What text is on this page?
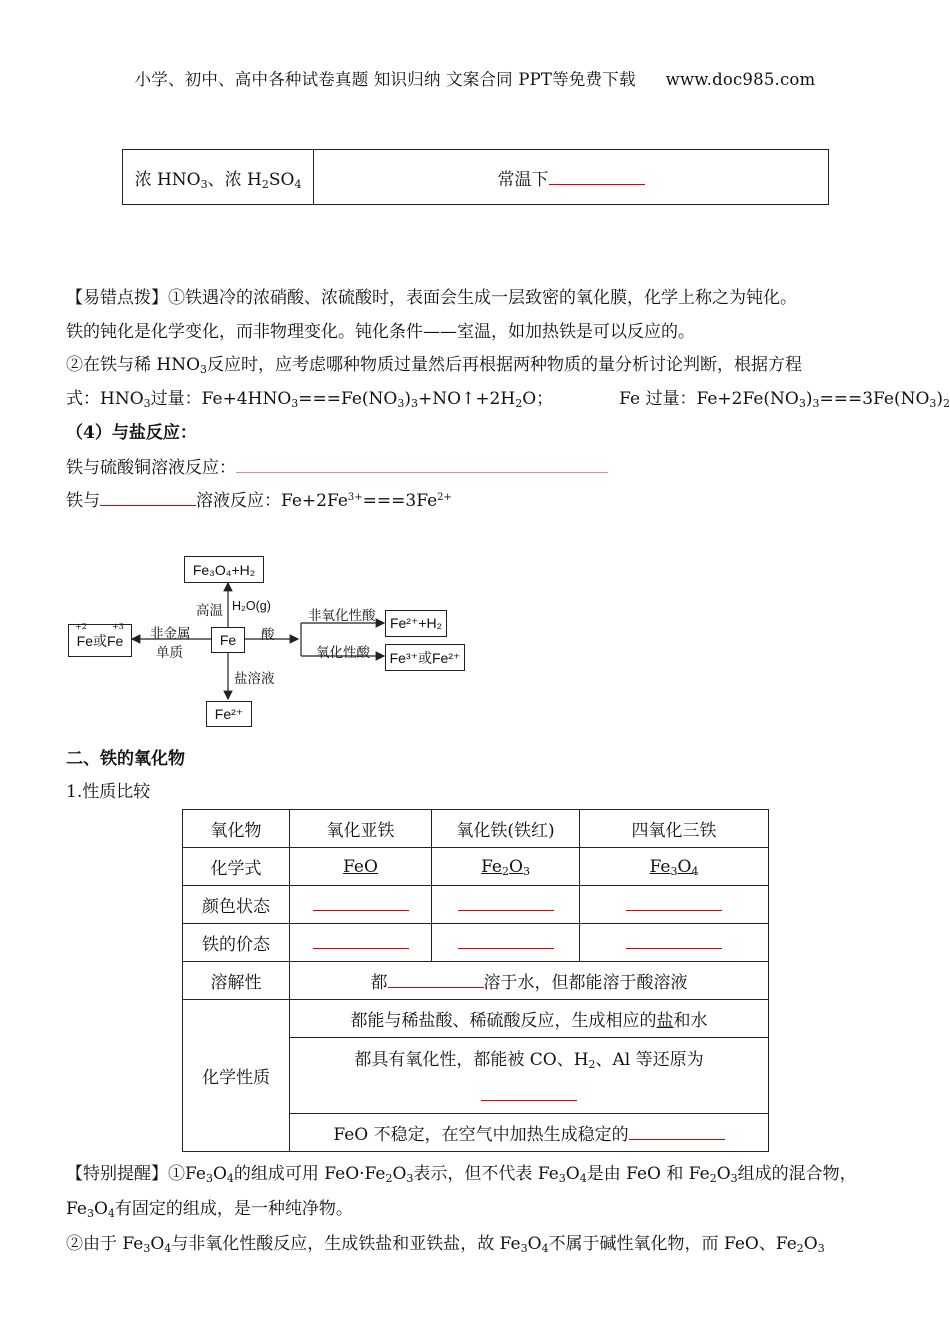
小学、初中、高中各种试卷真题 知识归纳 文案合同 PPT等免费下载 www.doc985.com
浓 $HNO_3$、浓 $H_2SO_4$	常温下
【易错点拨】①铁遇冷的浓硝酸、浓硫酸时，表面会生成一层致密的氧化膜，化学上称之为钝化。
铁的钝化是化学变化，而非物理变化。钝化条件——室温，如加热铁是可以反应的。
②在铁与稀 $HNO_3$反应时，应考虑哪种物质过量然后再根据两种物质的量分析讨论判断，根据方程
式：$HNO_3$过量：$Fe+4HNO_3===Fe(NO_3)_3+NO↑+2H_2O$；	Fe 过量：$Fe+2Fe(NO_3)_3===3Fe(NO_3)_2$
（4）与盐反应：
铁与硫酸铜溶液反应：
铁与	溶液反应：$Fe+2Fe^{3+}===3Fe^{2+}$
Fe₃O₄+H₂
Fe
Fe或Fe
+2	+3	Fe²⁺+H₂
Fe³⁺或Fe²⁺
Fe²⁺
高温 H₂O(g)
非金属
单质
酸
非氧化性酸
氧化性酸
盐溶液
二、铁的氧化物
1.性质比较
氧化物	氧化亚铁	氧化铁(铁红)	四氧化三铁
化学式	FeO	$Fe_2O_3$	$Fe_3O_4$
颜色状态			
铁的价态			
溶解性	都 溶于水，但都能溶于酸溶液		
化学性质	都能与稀盐酸、稀硫酸反应，生成相应的盐和水		

	都具有氧化性，都能被 CO、$H_2$、Al 等还原为		

	FeO 不稳定，在空气中加热生成稳定的		
【特别提醒】$①Fe_3O_4$的组成可用 $FeO\cdot Fe_2O_3$表示，但不代表 $Fe_3O_4$是由 FeO 和 $Fe_2O_3$组成的混合物，
$Fe_3O_4$有固定的组成，是一种纯净物。
②由于 $Fe_3O_4$与非氧化性酸反应，生成铁盐和亚铁盐，故 $Fe_3O_4$不属于碱性氧化物，而 FeO、$Fe_2O_3$
